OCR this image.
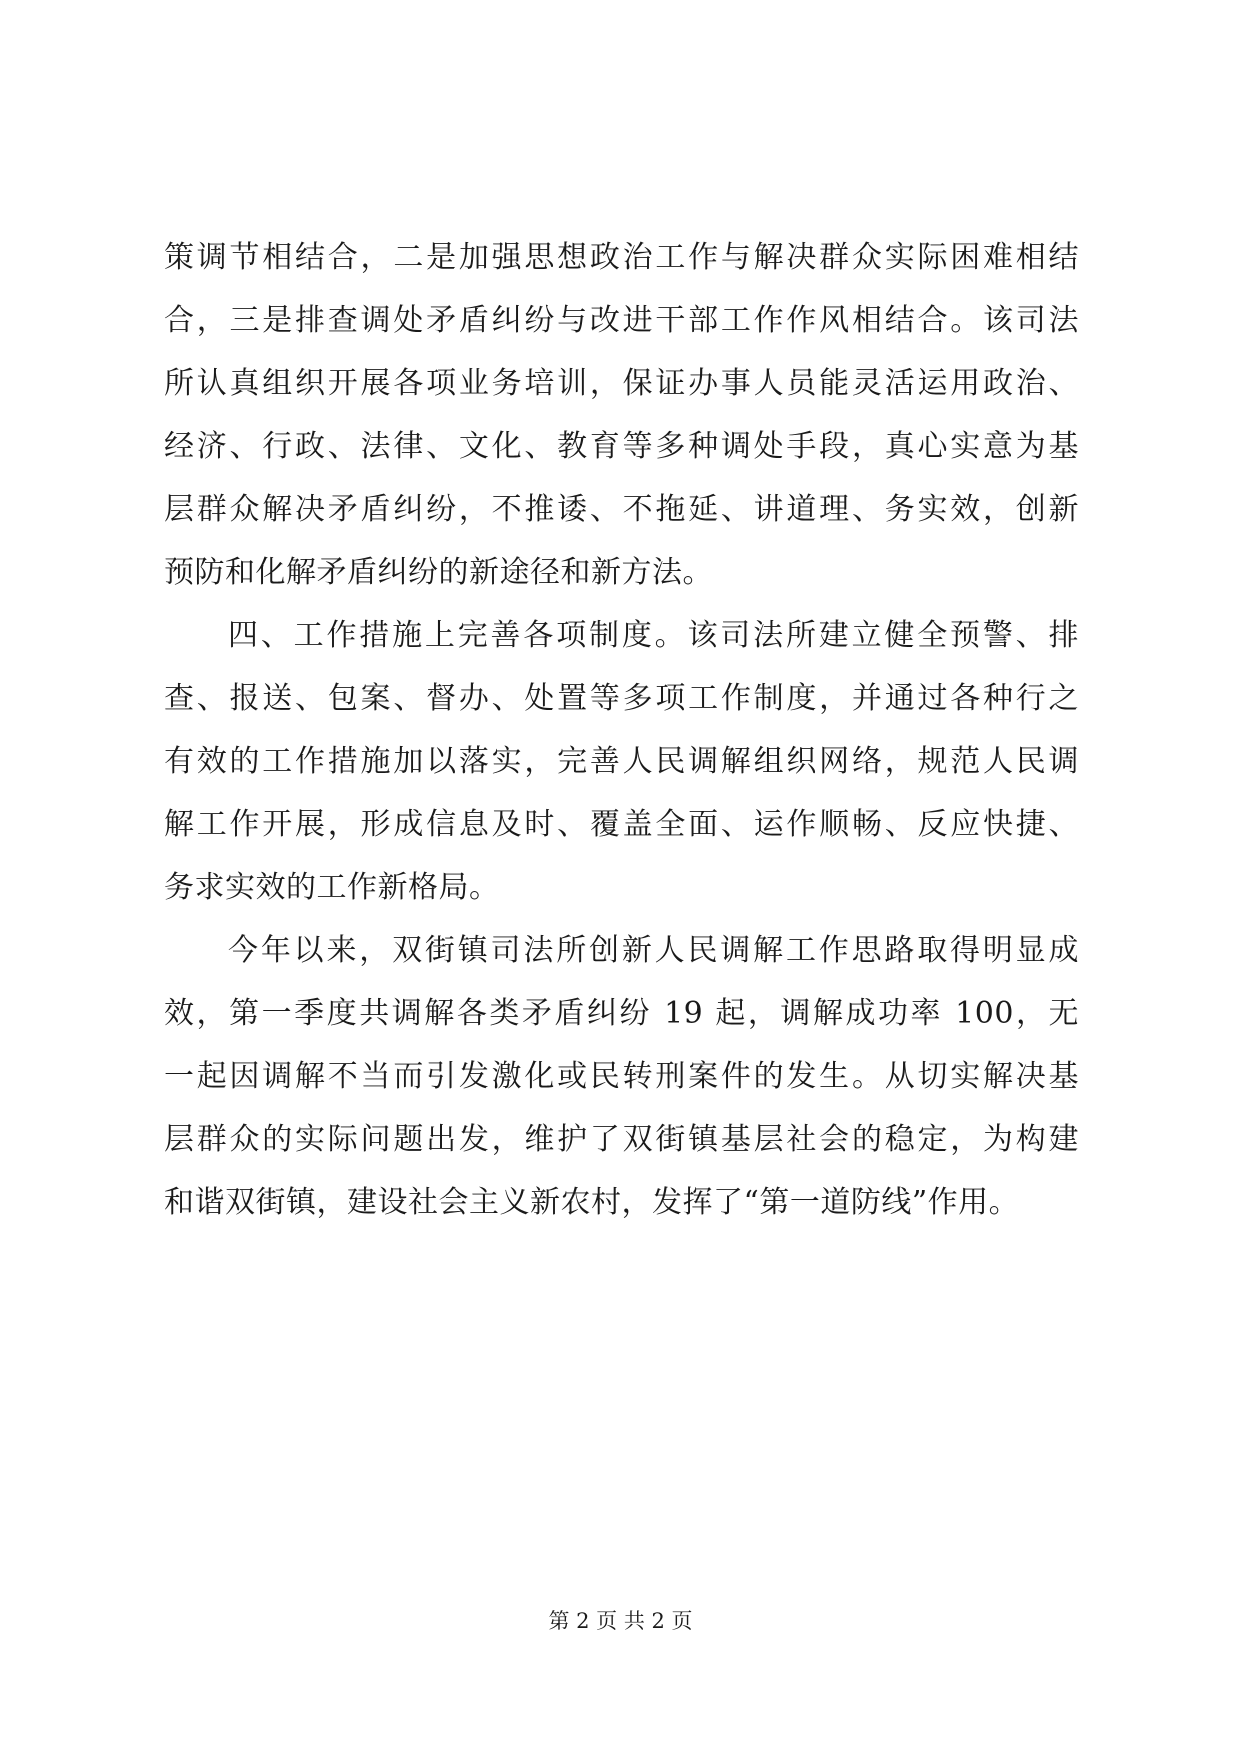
策调节相结合，二是加强思想政治工作与解决群众实际困难相结
合，三是排查调处矛盾纠纷与改进干部工作作风相结合。该司法
所认真组织开展各项业务培训，保证办事人员能灵活运用政治、
经济、行政、法律、文化、教育等多种调处手段，真心实意为基
层群众解决矛盾纠纷，不推诿、不拖延、讲道理、务实效，创新
预防和化解矛盾纠纷的新途径和新方法。
四、工作措施上完善各项制度。该司法所建立健全预警、排
查、报送、包案、督办、处置等多项工作制度，并通过各种行之
有效的工作措施加以落实，完善人民调解组织网络，规范人民调
解工作开展，形成信息及时、覆盖全面、运作顺畅、反应快捷、
务求实效的工作新格局。
今年以来，双街镇司法所创新人民调解工作思路取得明显成
效，第一季度共调解各类矛盾纠纷 19 起，调解成功率 100，无
一起因调解不当而引发激化或民转刑案件的发生。从切实解决基
层群众的实际问题出发，维护了双街镇基层社会的稳定，为构建
和谐双街镇，建设社会主义新农村，发挥了“第一道防线”作用。
第 2 页 共 2 页
